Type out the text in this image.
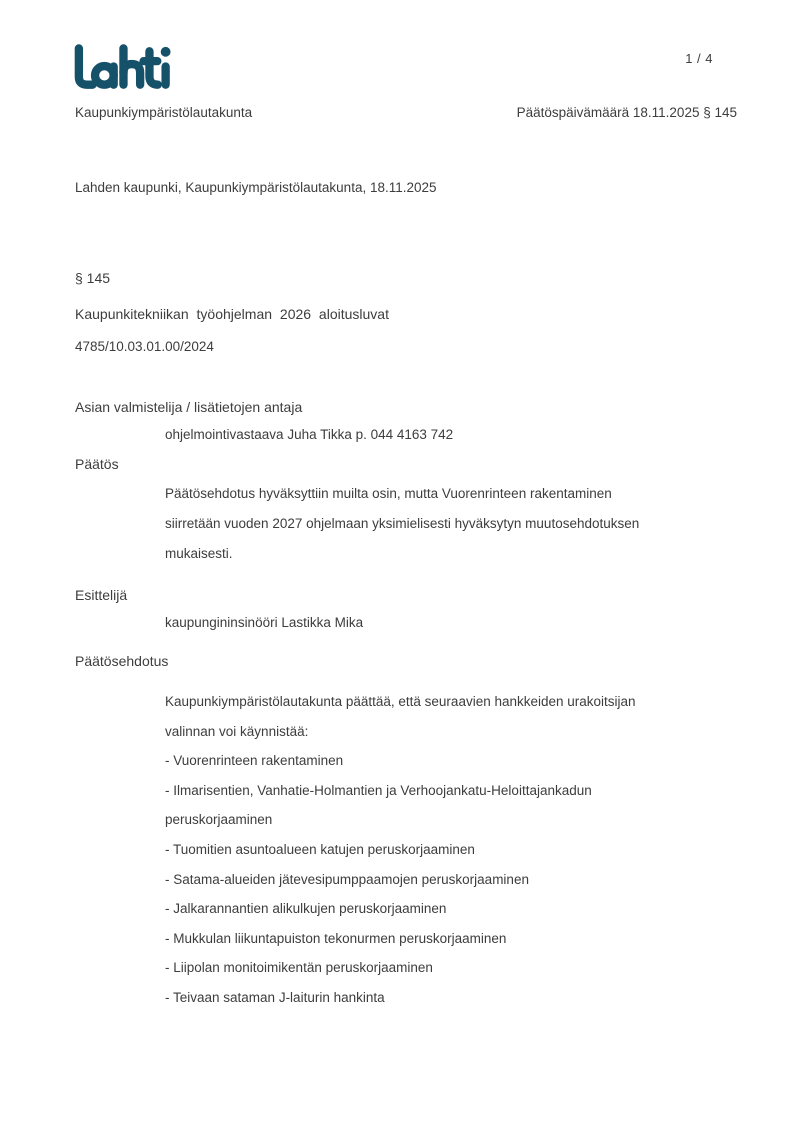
1 / 4
Kaupunkiympäristölautakunta	Päätöspäivämäärä 18.11.2025 § 145
Lahden kaupunki, Kaupunkiympäristölautakunta, 18.11.2025
§ 145
Kaupunkitekniikan työohjelman 2026 aloitusluvat
4785/10.03.01.00/2024
Asian valmistelija / lisätietojen antaja
ohjelmointivastaava Juha Tikka p. 044 4163 742
Päätös
Päätösehdotus hyväksyttiin muilta osin, mutta Vuorenrinteen rakentaminen
siirretään vuoden 2027 ohjelmaan yksimielisesti hyväksytyn muutosehdotuksen
mukaisesti.
Esittelijä
kaupungininsinööri Lastikka Mika
Päätösehdotus
Kaupunkiympäristölautakunta päättää, että seuraavien hankkeiden urakoitsijan
valinnan voi käynnistää:
- Vuorenrinteen rakentaminen
- Ilmarisentien, Vanhatie-Holmantien ja Verhoojankatu-Heloittajankadun
peruskorjaaminen
- Tuomitien asuntoalueen katujen peruskorjaaminen
- Satama-alueiden jätevesipumppaamojen peruskorjaaminen
- Jalkarannantien alikulkujen peruskorjaaminen
- Mukkulan liikuntapuiston tekonurmen peruskorjaaminen
- Liipolan monitoimikentän peruskorjaaminen
- Teivaan sataman J-laiturin hankinta
